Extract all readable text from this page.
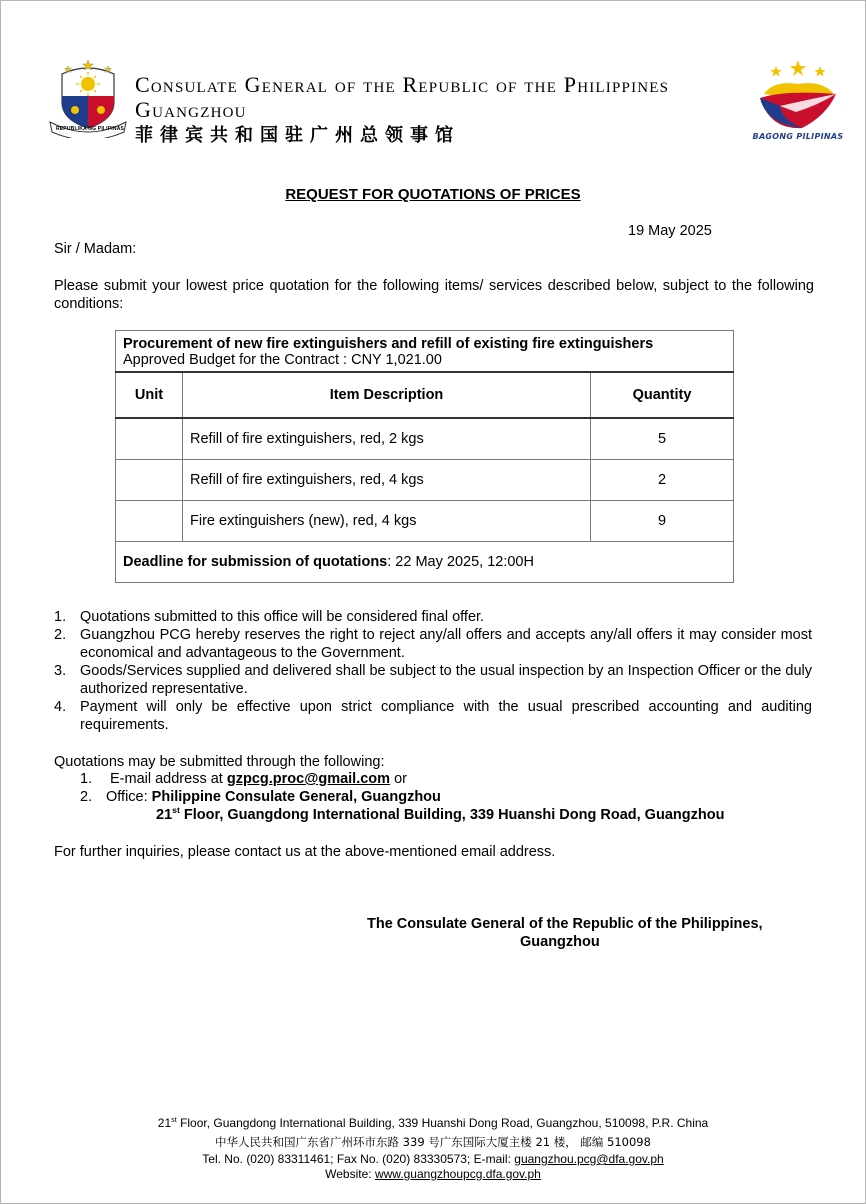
REPUBLIKA NG PILIPINAS
Consulate General of the Republic of the Philippines
Guangzhou
菲律宾共和国驻广州总领事馆	BAGONG PILIPINAS
REQUEST FOR QUOTATIONS OF PRICES
19 May 2025
Sir / Madam:
Please submit your lowest price quotation for the following items/ services described below, subject to the following conditions:
Procurement of new fire extinguishers and refill of existing fire extinguishers
Approved Budget for the Contract : CNY 1,021.00		

Unit	Item Description	Quantity
	Refill of fire extinguishers, red, 2 kgs	5
	Refill of fire extinguishers, red, 4 kgs	2
	Fire extinguishers (new), red, 4 kgs	9
Deadline for submission of quotations: 22 May 2025, 12:00H		
1. Quotations submitted to this office will be considered final offer.
2. Guangzhou PCG hereby reserves the right to reject any/all offers and accepts any/all offers it may consider most economical and advantageous to the Government.
3. Goods/Services supplied and delivered shall be subject to the usual inspection by an Inspection Officer or the duly authorized representative.
4. Payment will only be effective upon strict compliance with the usual prescribed accounting and auditing requirements.
Quotations may be submitted through the following:
1. E-mail address at gzpcg.proc@gmail.com or
2. Office: Philippine Consulate General, Guangzhou
21st Floor, Guangdong International Building, 339 Huanshi Dong Road, Guangzhou
For further inquiries, please contact us at the above-mentioned email address.
The Consulate General of the Republic of the Philippines,
Guangzhou
21st Floor, Guangdong International Building, 339 Huanshi Dong Road, Guangzhou, 510098, P.R. China
中华人民共和国广东省广州环市东路 339 号广东国际大厦主楼 21 楼， 邮编 510098
Tel. No. (020) 83311461; Fax No. (020) 83330573; E-mail: guangzhou.pcg@dfa.gov.ph
Website: www.guangzhoupcg.dfa.gov.ph
